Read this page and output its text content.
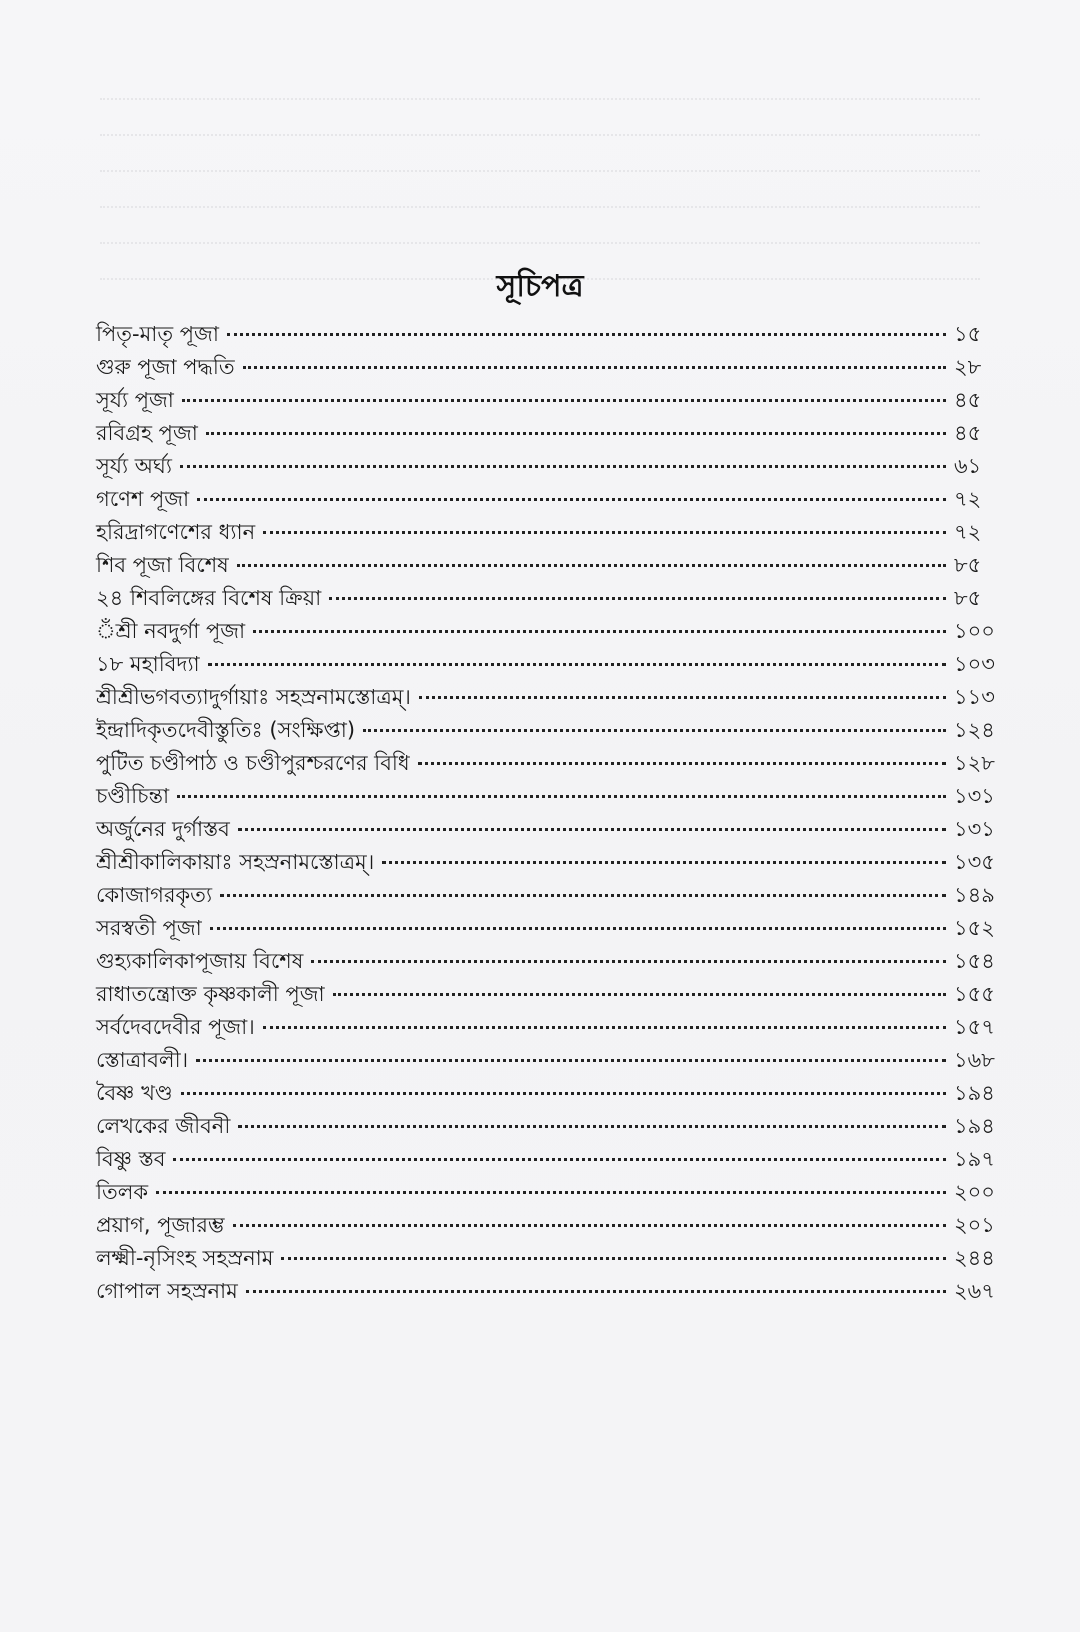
সূচিপত্র
পিতৃ-মাতৃ পূজা	১৫
গুরু পূজা পদ্ধতি	২৮
সূর্য্য পূজা	৪৫
রবিগ্রহ পূজা	৪৫
সূর্য্য অর্ঘ্য	৬১
গণেশ পূজা	৭২
হরিদ্রাগণেশের ধ্যান	৭২
শিব পূজা বিশেষ	৮৫
২৪ শিবলিঙ্গের বিশেষ ক্রিয়া	৮৫
ঁশ্রী নবদুর্গা পূজা	১০০
১৮ মহাবিদ্যা	১০৩
শ্রীশ্রীভগবত্যাদুর্গায়াঃ সহস্রনামস্তোত্রম্।	১১৩
ইন্দ্রাদিকৃতদেবীস্তুতিঃ (সংক্ষিপ্তা)	১২৪
পুটিত চণ্ডীপাঠ ও চণ্ডীপুরশ্চরণের বিধি	১২৮
চণ্ডীচিন্তা	১৩১
অর্জুনের দুর্গাস্তব	১৩১
শ্রীশ্রীকালিকায়াঃ সহস্রনামস্তোত্রম্।	১৩৫
কোজাগরকৃত্য	১৪৯
সরস্বতী পূজা	১৫২
গুহ্যকালিকাপূজায় বিশেষ	১৫৪
রাধাতন্ত্রোক্ত কৃষ্ণকালী পূজা	১৫৫
সর্বদেবদেবীর পূজা।	১৫৭
স্তোত্রাবলী।	১৬৮
বৈষ্ণ খণ্ড	১৯৪
লেখকের জীবনী	১৯৪
বিষ্ণু স্তব	১৯৭
তিলক	২০০
প্রয়াগ, পূজারম্ভ	২০১
লক্ষ্মী-নৃসিংহ সহস্রনাম	২৪৪
গোপাল সহস্রনাম	২৬৭
